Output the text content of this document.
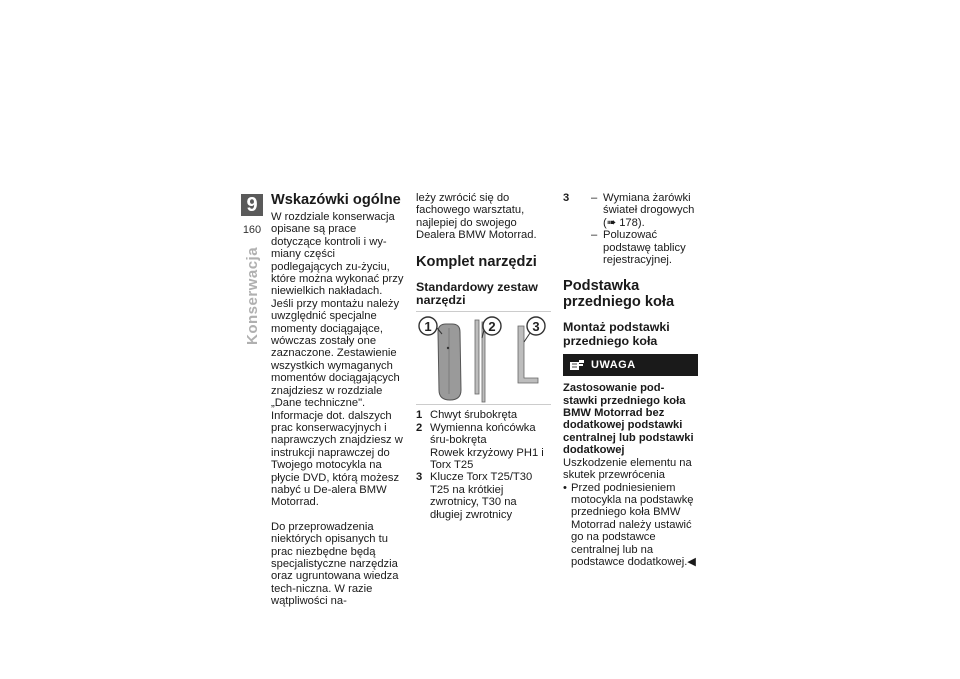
9
160
Konserwacja
Wskazówki ogólne

W rozdziale konserwacja opisane są prace dotyczące kontroli i wy-miany części podlegających zu-życiu, które można wykonać przy niewielkich nakładach.

Jeśli przy montażu należy uwzględnić specjalne momenty dociągające, wówczas zostały one zaznaczone. Zestawienie wszystkich wymaganych momentów dociągających znajdziesz w rozdziale „Dane techniczne".

Informacje dot. dalszych prac konserwacyjnych i naprawczych znajdziesz w instrukcji naprawczej do Twojego motocykla na płycie DVD, którą możesz nabyć u De-alera BMW Motorrad.

Do przeprowadzenia niektórych opisanych tu prac niezbędne będą specjalistyczne narzędzia oraz ugruntowana wiedza tech-niczna. W razie wątpliwości na-

leży zwrócić się do fachowego warsztatu, najlepiej do swojego Dealera BMW Motorrad.

Komplet narzędzi
Standardowy zestaw narzędzi
1	2	3
1 Chwyt śrubokręta
2 Wymienna końcówka śru-bokręta
Rowek krzyżowy PH1 i Torx T25
3 Klucze Torx T25/T30
T25 na krótkiej zwrotnicy, T30 na długiej zwrotnicy
3	– Wymiana żarówki świateł drogowych (➠ 178).
– Poluzować podstawę tablicy rejestracyjnej.
Podstawka przedniego koła
Montaż podstawki przedniego koła
UWAGA

Zastosowanie pod-stawki przedniego koła BMW Motorrad bez dodatkowej podstawki centralnej lub podstawki dodatkowej

Uszkodzenie elementu na skutek przewrócenia

• Przed podniesieniem motocykla na podstawkę przedniego koła BMW Motorrad należy ustawić go na podstawce centralnej lub na podstawce dodatkowej.◀
